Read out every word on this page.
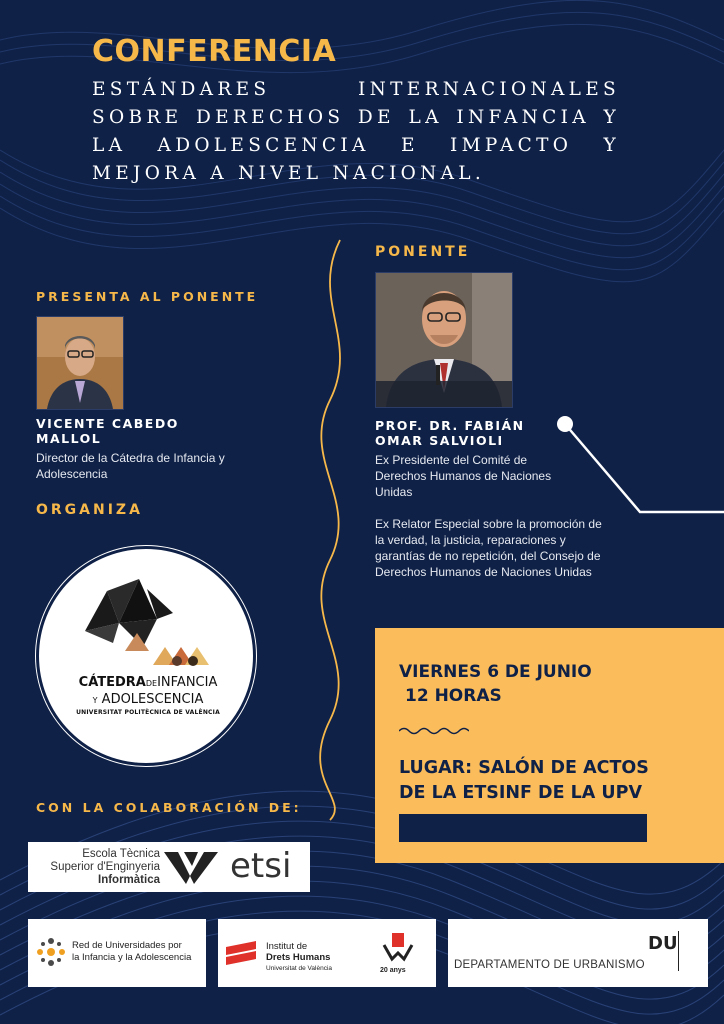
CONFERENCIA
ESTÁNDARES INTERNACIONALES SOBRE DERECHOS DE LA INFANCIA Y LA ADOLESCENCIA E IMPACTO Y MEJORA A NIVEL NACIONAL.
PRESENTA AL PONENTE
VICENTE CABEDO
MALLOL
Director de la Cátedra de Infancia y Adolescencia
ORGANIZA
CÁTEDRADEINFANCIA
Y ADOLESCENCIA
UNIVERSITAT POLITÈCNICA DE VALÈNCIA
PONENTE
PROF. DR. FABIÁN
OMAR SALVIOLI
Ex Presidente del Comité de Derechos Humanos de Naciones Unidas
Ex Relator Especial sobre la promoción de la verdad, la justicia, reparaciones y garantías de no repetición, del Consejo de Derechos Humanos de Naciones Unidas
VIERNES 6 DE JUNIO
12 HORAS
LUGAR: SALÓN DE ACTOS
DE LA ETSINF DE LA UPV
CON LA COLABORACIÓN DE:
Escola Tècnica
Superior d'Enginyeria
Informàtica etsi
Red de Universidades por
la Infancia y la Adolescencia
Institut de
Drets Humans
Universitat de València	20 anys
DU
DEPARTAMENTO DE URBANISMO
